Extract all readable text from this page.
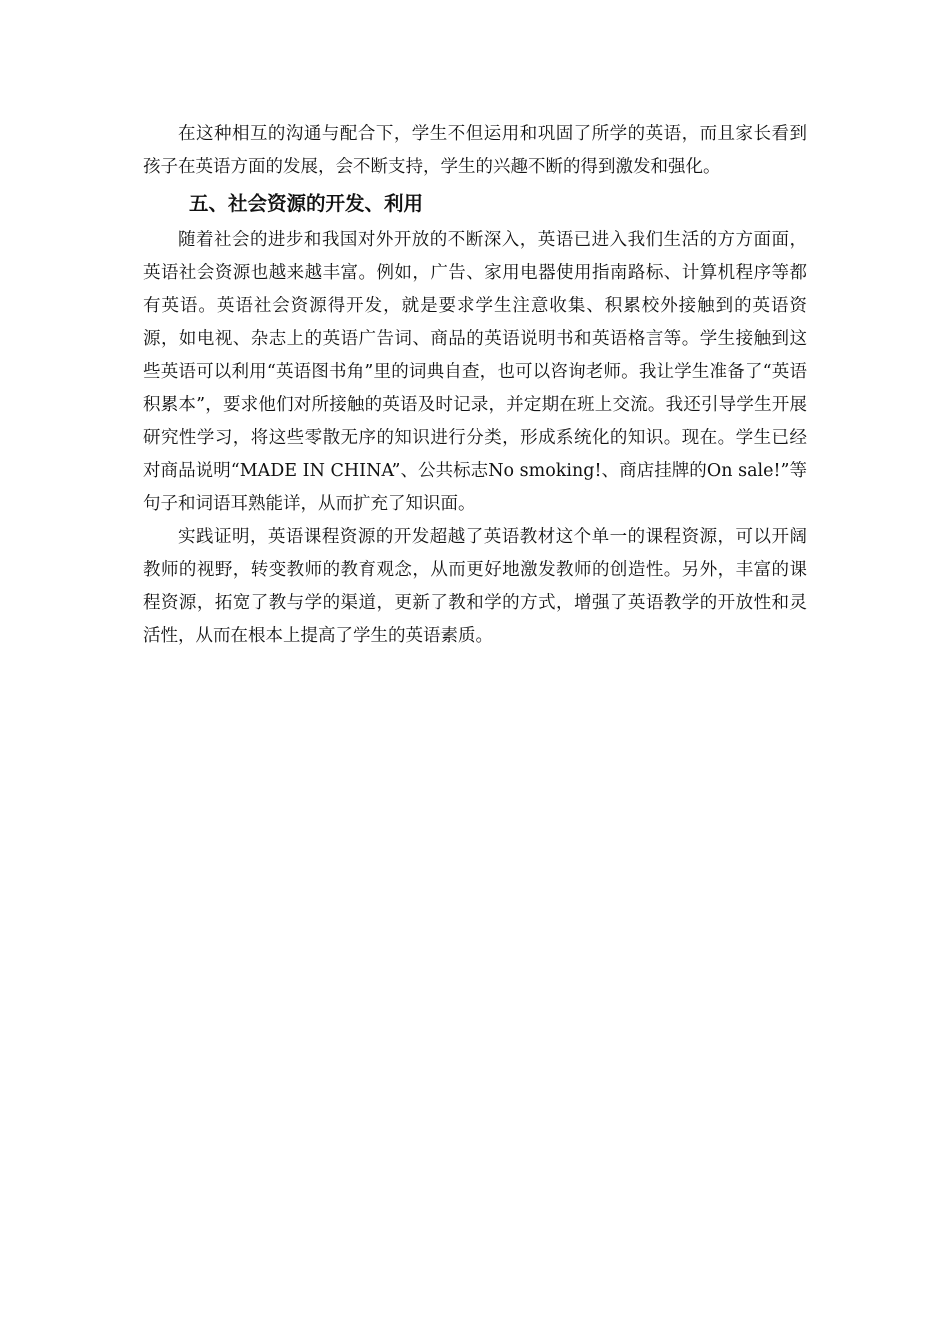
在这种相互的沟通与配合下，学生不但运用和巩固了所学的英语，而且家长看到孩子在英语方面的发展，会不断支持，学生的兴趣不断的得到激发和强化。

五、社会资源的开发、利用

随着社会的进步和我国对外开放的不断深入，英语已进入我们生活的方方面面，英语社会资源也越来越丰富。例如，广告、家用电器使用指南路标、计算机程序等都有英语。英语社会资源得开发，就是要求学生注意收集、积累校外接触到的英语资源，如电视、杂志上的英语广告词、商品的英语说明书和英语格言等。学生接触到这些英语可以利用“英语图书角”里的词典自查，也可以咨询老师。我让学生准备了“英语积累本”，要求他们对所接触的英语及时记录，并定期在班上交流。我还引导学生开展研究性学习，将这些零散无序的知识进行分类，形成系统化的知识。现在。学生已经对商品说明“MADE IN CHINA”、公共标志No smoking!、商店挂牌的On sale!”等句子和词语耳熟能详，从而扩充了知识面。

实践证明，英语课程资源的开发超越了英语教材这个单一的课程资源，可以开阔教师的视野，转变教师的教育观念，从而更好地激发教师的创造性。另外，丰富的课程资源，拓宽了教与学的渠道，更新了教和学的方式，增强了英语教学的开放性和灵活性，从而在根本上提高了学生的英语素质。
